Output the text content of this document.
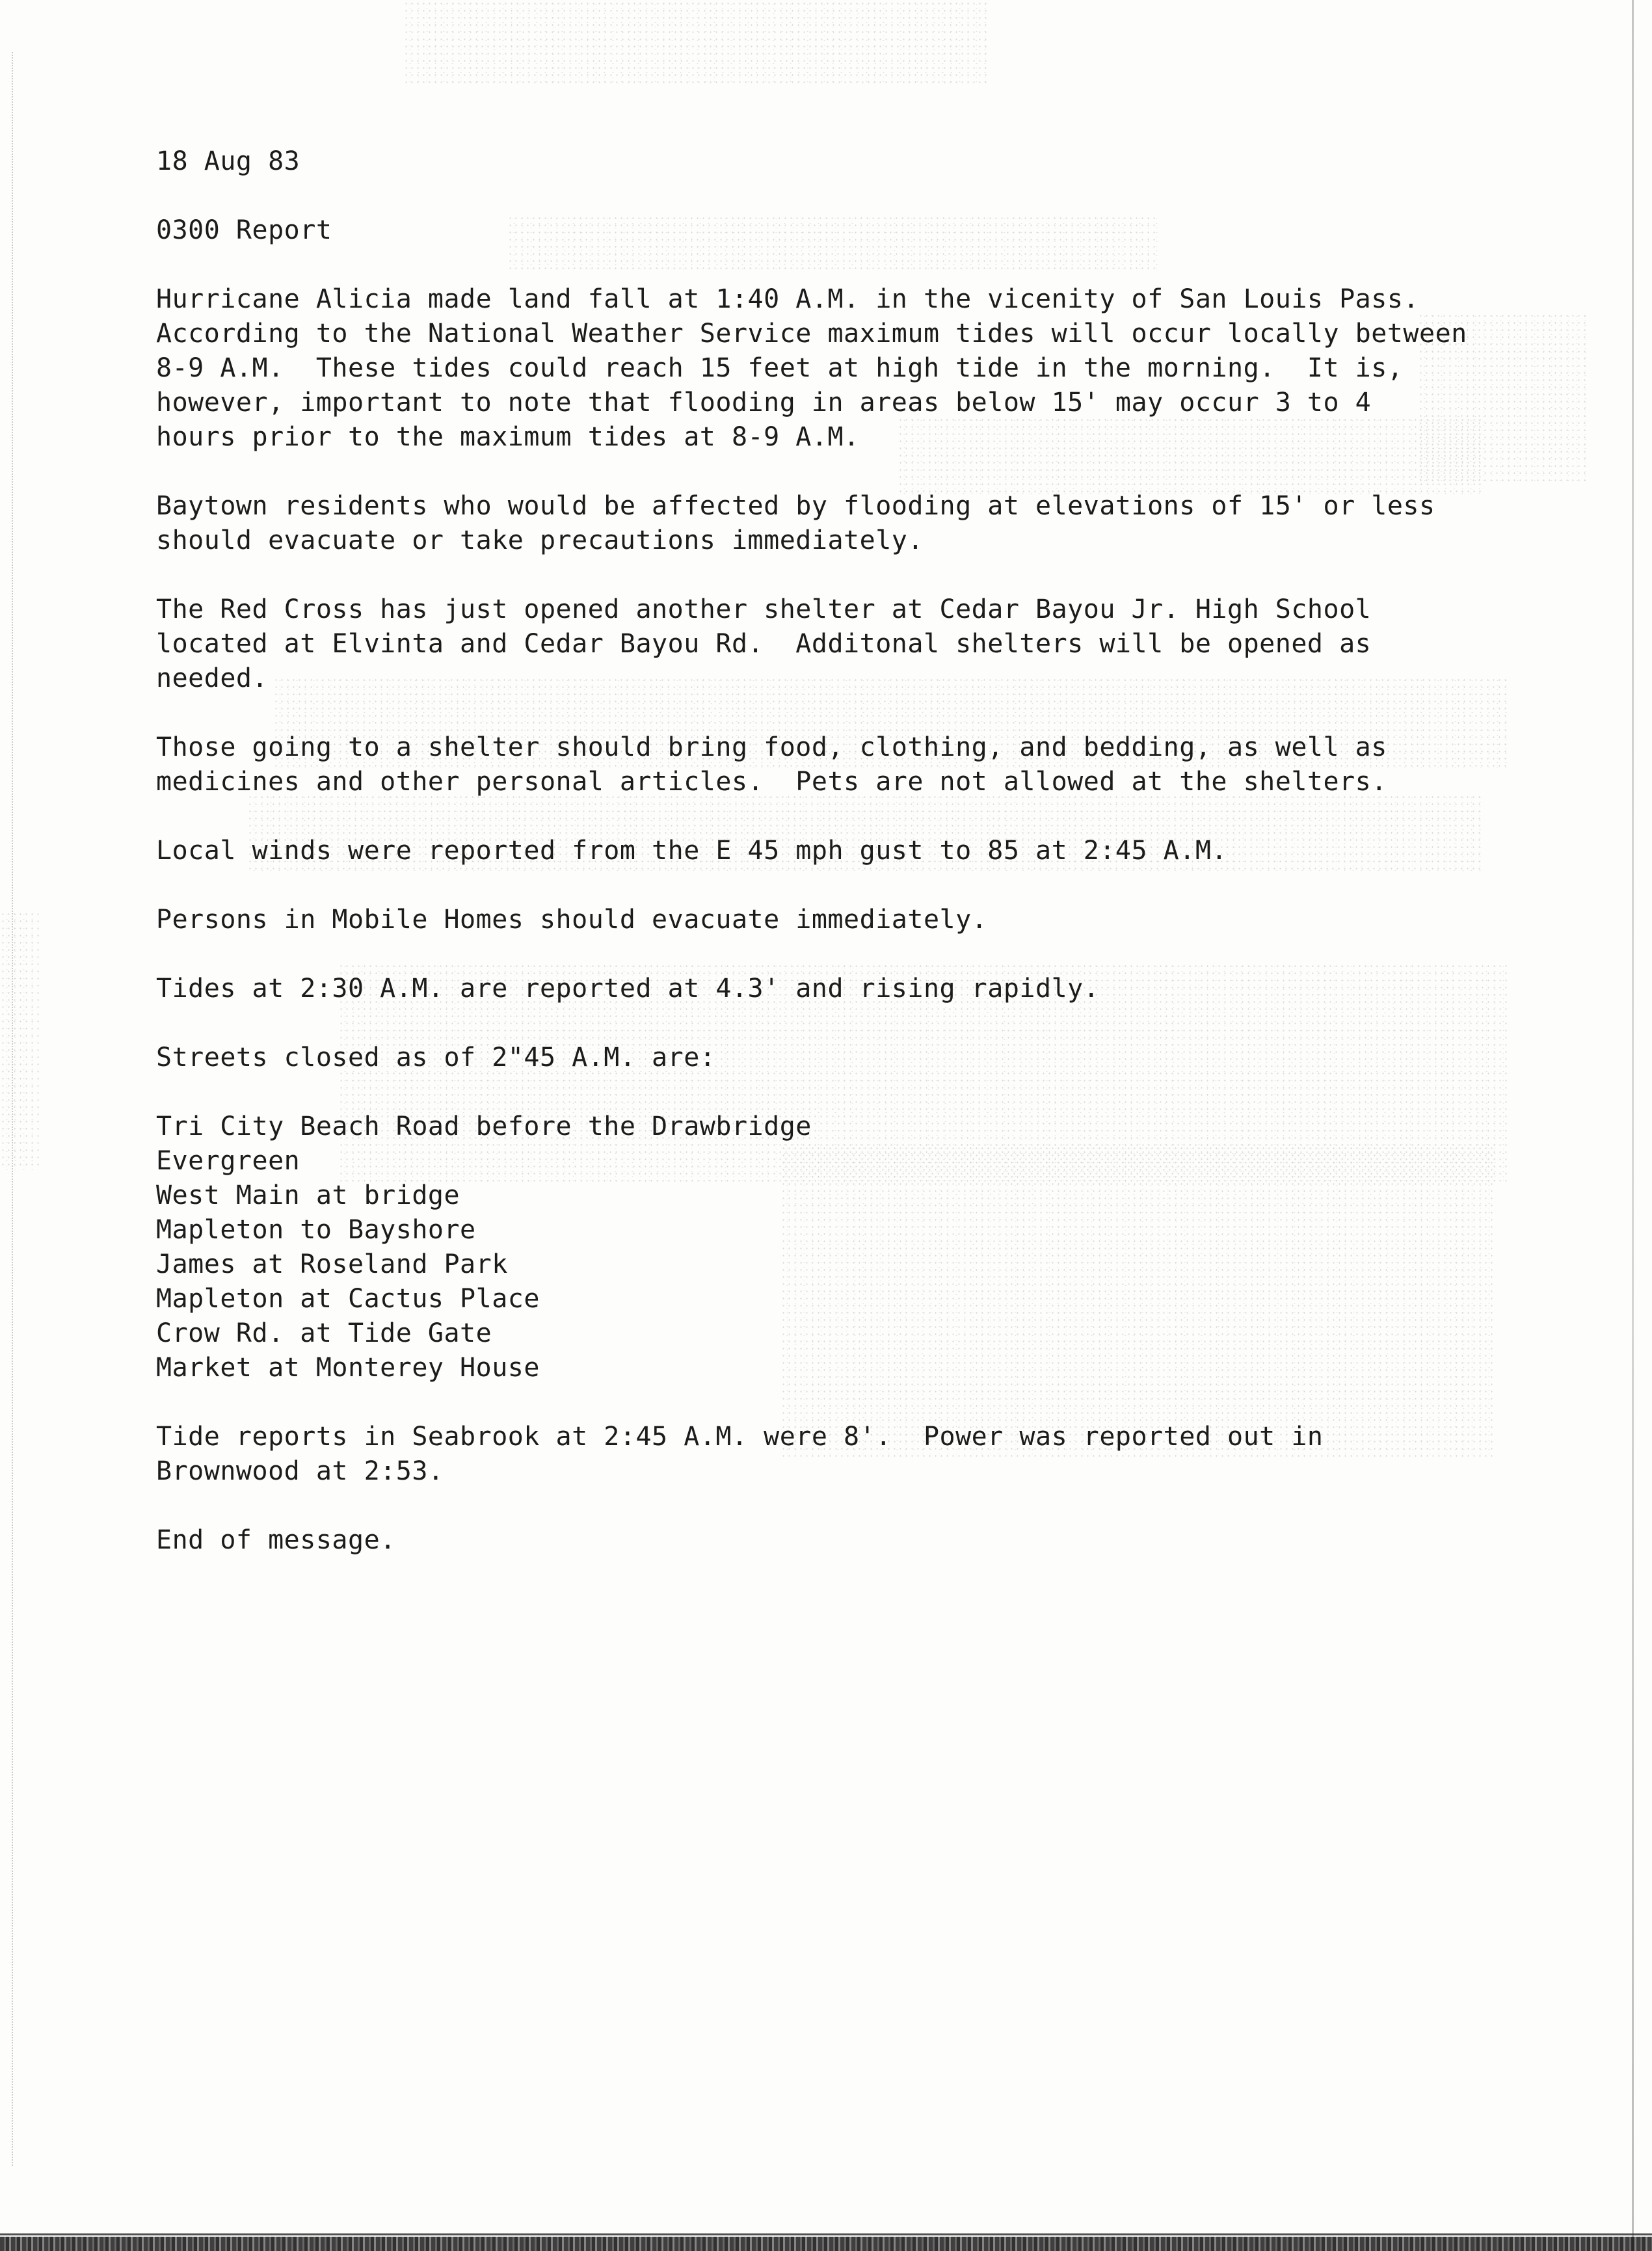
18 Aug 83

0300 Report

Hurricane Alicia made land fall at 1:40 A.M. in the vicenity of San Louis Pass.
According to the National Weather Service maximum tides will occur locally between
8-9 A.M.  These tides could reach 15 feet at high tide in the morning.  It is,
however, important to note that flooding in areas below 15' may occur 3 to 4
hours prior to the maximum tides at 8-9 A.M.

Baytown residents who would be affected by flooding at elevations of 15' or less
should evacuate or take precautions immediately.

The Red Cross has just opened another shelter at Cedar Bayou Jr. High School
located at Elvinta and Cedar Bayou Rd.  Additonal shelters will be opened as
needed.

Those going to a shelter should bring food, clothing, and bedding, as well as
medicines and other personal articles.  Pets are not allowed at the shelters.

Local winds were reported from the E 45 mph gust to 85 at 2:45 A.M.

Persons in Mobile Homes should evacuate immediately.

Tides at 2:30 A.M. are reported at 4.3' and rising rapidly.

Streets closed as of 2"45 A.M. are:

Tri City Beach Road before the Drawbridge

Evergreen

West Main at bridge

Mapleton to Bayshore

James at Roseland Park

Mapleton at Cactus Place

Crow Rd. at Tide Gate

Market at Monterey House

Tide reports in Seabrook at 2:45 A.M. were 8'.  Power was reported out in
Brownwood at 2:53.

End of message.
